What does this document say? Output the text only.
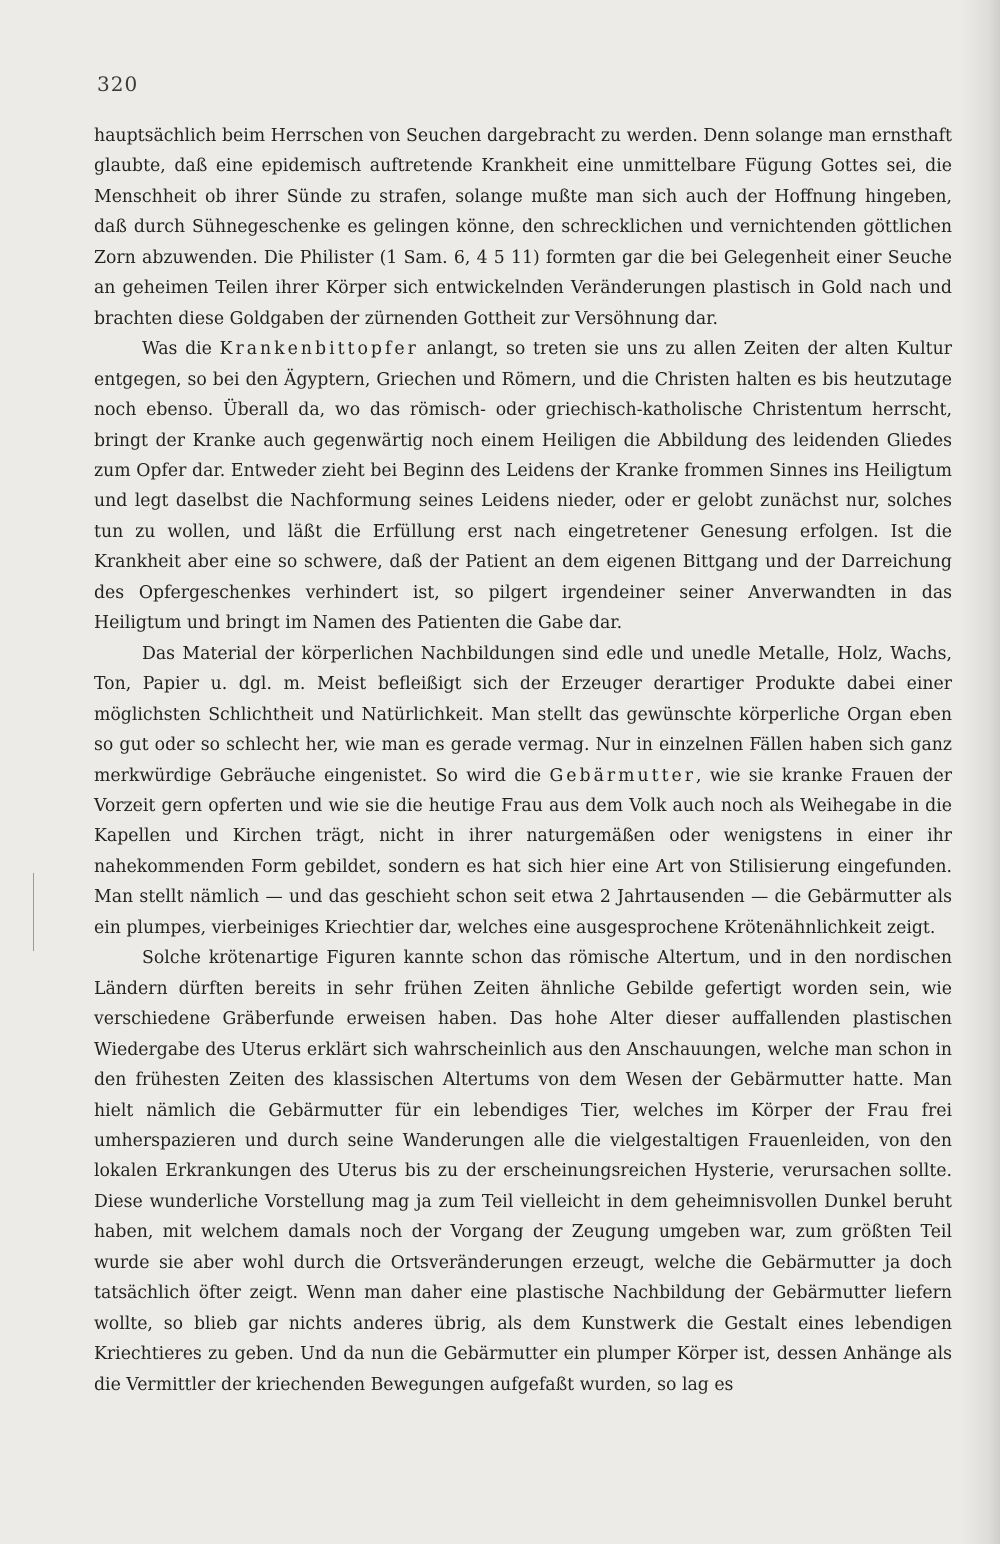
320

hauptsächlich beim Herrschen von Seuchen dargebracht zu werden. Denn solange man ernsthaft glaubte, daß eine epidemisch auftretende Krankheit eine unmittelbare Fügung Gottes sei, die Menschheit ob ihrer Sünde zu strafen, solange mußte man sich auch der Hoffnung hingeben, daß durch Sühnegeschenke es gelingen könne, den schrecklichen und vernichtenden göttlichen Zorn abzuwenden. Die Philister (1 Sam. 6, 4 5 11) formten gar die bei Gelegenheit einer Seuche an geheimen Teilen ihrer Körper sich entwickelnden Veränderungen plastisch in Gold nach und brachten diese Goldgaben der zürnenden Gottheit zur Versöhnung dar.

Was die Krankenbittopfer anlangt, so treten sie uns zu allen Zeiten der alten Kultur entgegen, so bei den Ägyptern, Griechen und Römern, und die Christen halten es bis heutzutage noch ebenso. Überall da, wo das römisch- oder griechisch-katholische Christentum herrscht, bringt der Kranke auch gegenwärtig noch einem Heiligen die Abbildung des leidenden Gliedes zum Opfer dar. Entweder zieht bei Beginn des Leidens der Kranke frommen Sinnes ins Heiligtum und legt daselbst die Nachformung seines Leidens nieder, oder er gelobt zunächst nur, solches tun zu wollen, und läßt die Erfüllung erst nach eingetretener Genesung erfolgen. Ist die Krankheit aber eine so schwere, daß der Patient an dem eigenen Bittgang und der Darreichung des Opfergeschenkes verhindert ist, so pilgert irgendeiner seiner Anverwandten in das Heiligtum und bringt im Namen des Patienten die Gabe dar.

Das Material der körperlichen Nachbildungen sind edle und unedle Metalle, Holz, Wachs, Ton, Papier u. dgl. m. Meist befleißigt sich der Erzeuger derartiger Produkte dabei einer möglichsten Schlichtheit und Natürlichkeit. Man stellt das gewünschte körperliche Organ eben so gut oder so schlecht her, wie man es gerade vermag. Nur in einzelnen Fällen haben sich ganz merkwürdige Gebräuche eingenistet. So wird die Gebärmutter, wie sie kranke Frauen der Vorzeit gern opferten und wie sie die heutige Frau aus dem Volk auch noch als Weihegabe in die Kapellen und Kirchen trägt, nicht in ihrer naturgemäßen oder wenigstens in einer ihr nahekommenden Form gebildet, sondern es hat sich hier eine Art von Stilisierung eingefunden. Man stellt nämlich — und das geschieht schon seit etwa 2 Jahrtausenden — die Gebärmutter als ein plumpes, vierbeiniges Kriechtier dar, welches eine ausgesprochene Krötenähnlichkeit zeigt.

Solche krötenartige Figuren kannte schon das römische Altertum, und in den nordischen Ländern dürften bereits in sehr frühen Zeiten ähnliche Gebilde gefertigt worden sein, wie verschiedene Gräberfunde erweisen haben. Das hohe Alter dieser auffallenden plastischen Wiedergabe des Uterus erklärt sich wahrscheinlich aus den Anschauungen, welche man schon in den frühesten Zeiten des klassischen Altertums von dem Wesen der Gebärmutter hatte. Man hielt nämlich die Gebärmutter für ein lebendiges Tier, welches im Körper der Frau frei umherspazieren und durch seine Wanderungen alle die vielgestaltigen Frauenleiden, von den lokalen Erkrankungen des Uterus bis zu der erscheinungsreichen Hysterie, verursachen sollte. Diese wunderliche Vorstellung mag ja zum Teil vielleicht in dem geheimnisvollen Dunkel beruht haben, mit welchem damals noch der Vorgang der Zeugung umgeben war, zum größten Teil wurde sie aber wohl durch die Ortsveränderungen erzeugt, welche die Gebärmutter ja doch tatsächlich öfter zeigt. Wenn man daher eine plastische Nachbildung der Gebärmutter liefern wollte, so blieb gar nichts anderes übrig, als dem Kunstwerk die Gestalt eines lebendigen Kriechtieres zu geben. Und da nun die Gebärmutter ein plumper Körper ist, dessen Anhänge als die Vermittler der kriechenden Bewegungen aufgefaßt wurden, so lag es
